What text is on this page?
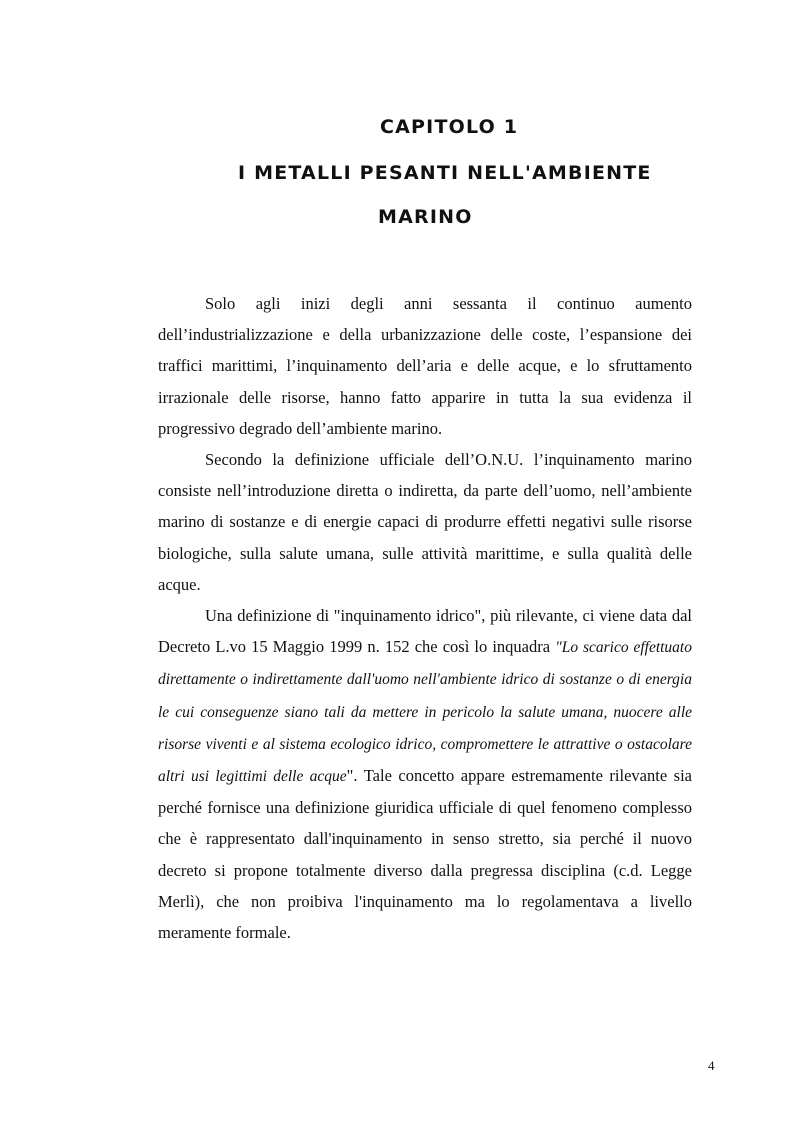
CAPITOLO 1
I METALLI PESANTI NELL'AMBIENTE
MARINO

Solo agli inizi degli anni sessanta il continuo aumento dell’industrializzazione e della urbanizzazione delle coste, l’espansione dei traffici marittimi, l’inquinamento dell’aria e delle acque, e lo sfruttamento irrazionale delle risorse, hanno fatto apparire in tutta la sua evidenza il progressivo degrado dell’ambiente marino.

Secondo la definizione ufficiale dell’O.N.U. l’inquinamento marino consiste nell’introduzione diretta o indiretta, da parte dell’uomo, nell’ambiente marino di sostanze e di energie capaci di produrre effetti negativi sulle risorse biologiche, sulla salute umana, sulle attività marittime, e sulla qualità delle acque.

Una definizione di "inquinamento idrico", più rilevante, ci viene data dal Decreto L.vo 15 Maggio 1999 n. 152 che così lo inquadra "Lo scarico effettuato direttamente o indirettamente dall'uomo nell'ambiente idrico di sostanze o di energia le cui conseguenze siano tali da mettere in pericolo la salute umana, nuocere alle risorse viventi e al sistema ecologico idrico, compromettere le attrattive o ostacolare altri usi legittimi delle acque". Tale concetto appare estremamente rilevante sia perché fornisce una definizione giuridica ufficiale di quel fenomeno complesso che è rappresentato dall'inquinamento in senso stretto, sia perché il nuovo decreto si propone totalmente diverso dalla pregressa disciplina (c.d. Legge Merlì), che non proibiva l'inquinamento ma lo regolamentava a livello meramente formale.

4
